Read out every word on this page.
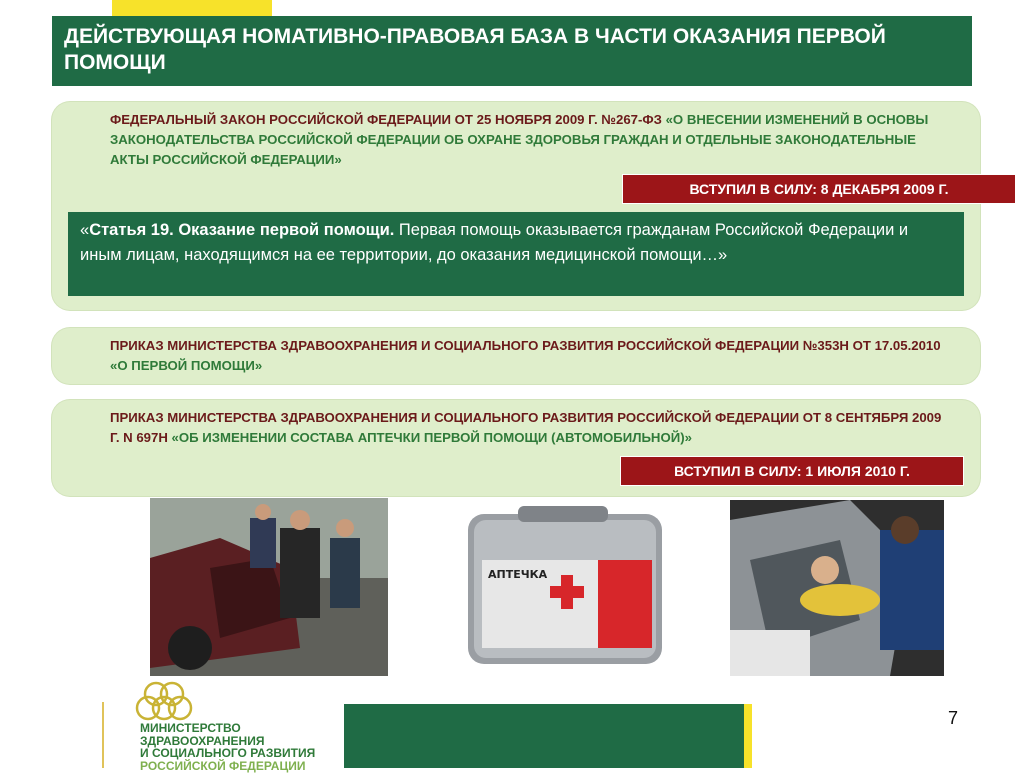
ДЕЙСТВУЮЩАЯ НОМАТИВНО-ПРАВОВАЯ БАЗА В ЧАСТИ ОКАЗАНИЯ ПЕРВОЙ ПОМОЩИ
ФЕДЕРАЛЬНЫЙ ЗАКОН РОССИЙСКОЙ ФЕДЕРАЦИИ ОТ 25 НОЯБРЯ 2009 Г. №267-ФЗ «О ВНЕСЕНИИ ИЗМЕНЕНИЙ В ОСНОВЫ ЗАКОНОДАТЕЛЬСТВА РОССИЙСКОЙ ФЕДЕРАЦИИ ОБ ОХРАНЕ ЗДОРОВЬЯ ГРАЖДАН И ОТДЕЛЬНЫЕ ЗАКОНОДАТЕЛЬНЫЕ АКТЫ РОССИЙСКОЙ ФЕДЕРАЦИИ»
ВСТУПИЛ В СИЛУ: 8 ДЕКАБРЯ 2009 Г.
«Статья 19. Оказание первой помощи. Первая помощь оказывается гражданам Российской Федерации и иным лицам, находящимся на ее территории, до оказания медицинской помощи…»
ПРИКАЗ МИНИСТЕРСТВА ЗДРАВООХРАНЕНИЯ И СОЦИАЛЬНОГО РАЗВИТИЯ РОССИЙСКОЙ ФЕДЕРАЦИИ №353Н ОТ 17.05.2010 «О ПЕРВОЙ ПОМОЩИ»
ПРИКАЗ МИНИСТЕРСТВА ЗДРАВООХРАНЕНИЯ И СОЦИАЛЬНОГО РАЗВИТИЯ РОССИЙСКОЙ ФЕДЕРАЦИИ ОТ 8 СЕНТЯБРЯ 2009 Г. N 697Н «ОБ ИЗМЕНЕНИИ СОСТАВА АПТЕЧКИ ПЕРВОЙ ПОМОЩИ (АВТОМОБИЛЬНОЙ)»
ВСТУПИЛ В СИЛУ: 1 ИЮЛЯ 2010 Г.
АПТЕЧКА
МИНИСТЕРСТВО
ЗДРАВООХРАНЕНИЯ
И СОЦИАЛЬНОГО РАЗВИТИЯ
РОССИЙСКОЙ ФЕДЕРАЦИИ
7
